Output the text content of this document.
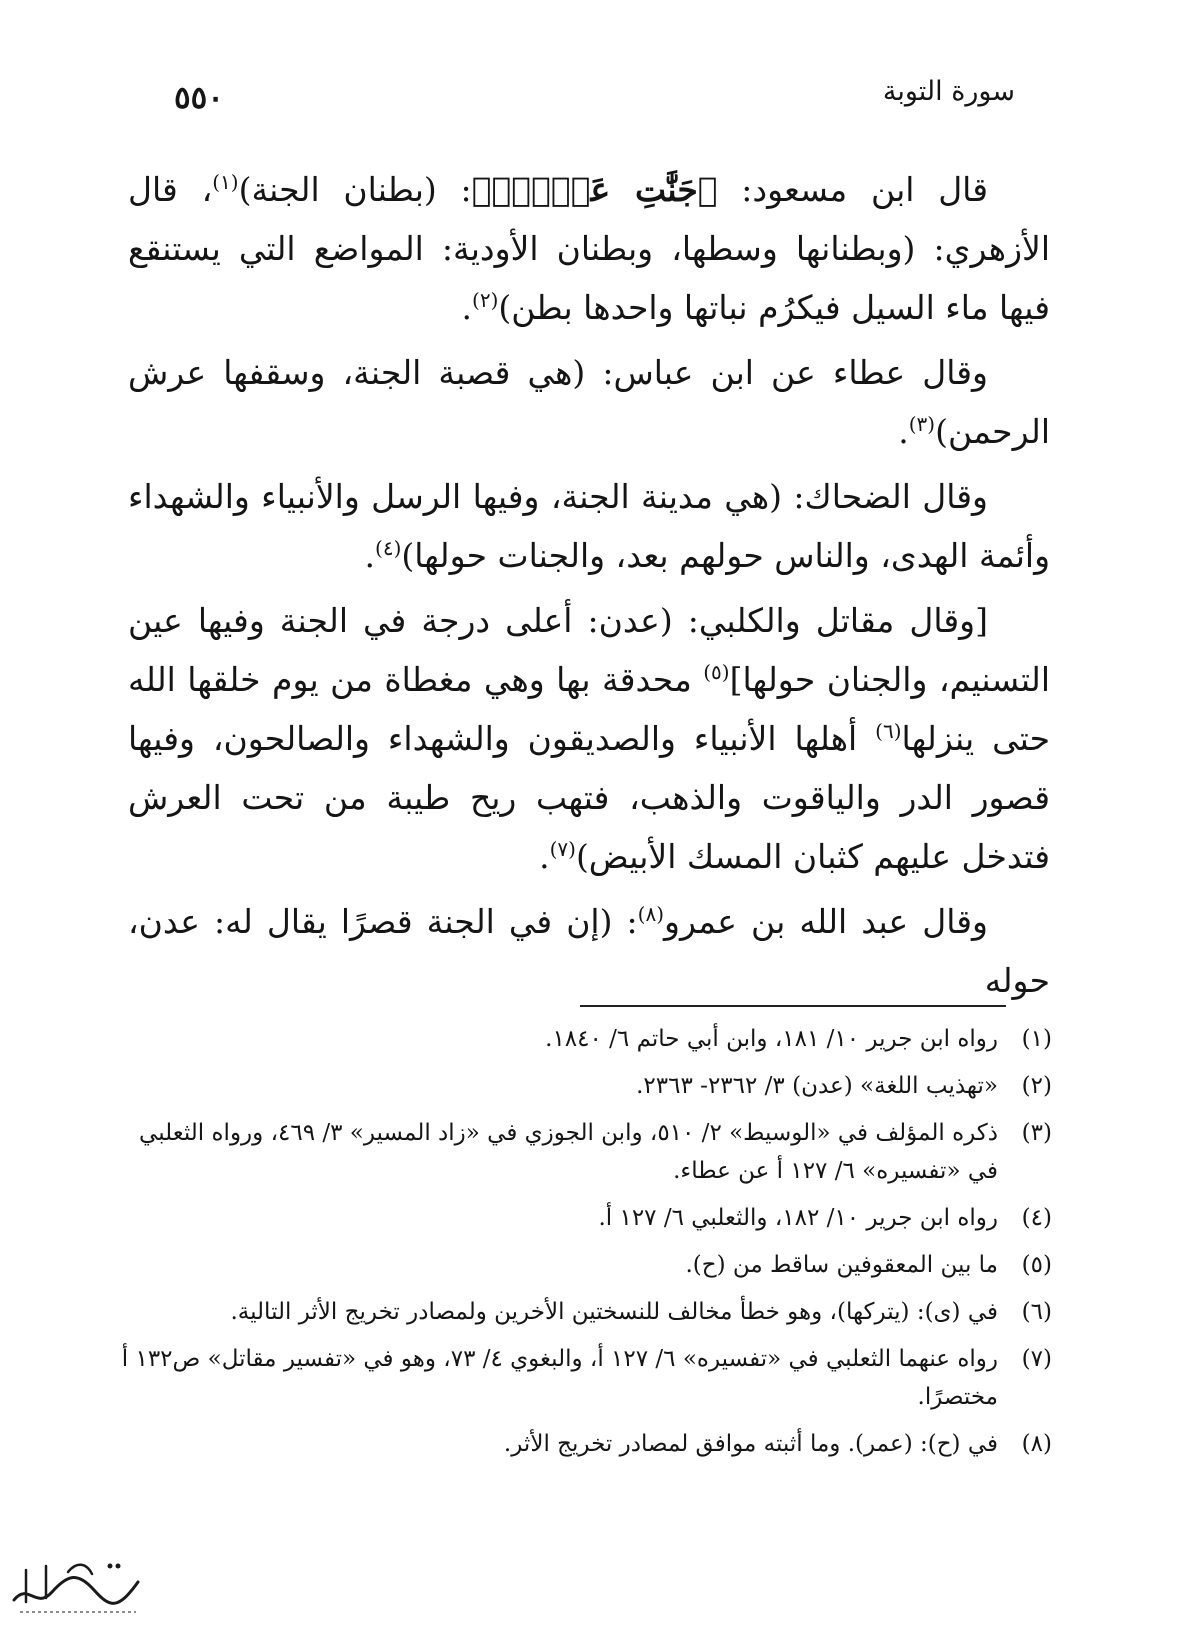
سورة التوبة
٥٥٠

قال ابن مسعود: ﴿جَنَّٰتِ عَدۡنٍۚ﴾: (بطنان الجنة)$^{(١)}$، قال الأزهري: (وبطنانها وسطها، وبطنان الأودية: المواضع التي يستنقع فيها ماء السيل فيكرُم نباتها واحدها بطن)$^{(٢)}$.

وقال عطاء عن ابن عباس: (هي قصبة الجنة، وسقفها عرش الرحمن)$^{(٣)}$.

وقال الضحاك: (هي مدينة الجنة، وفيها الرسل والأنبياء والشهداء وأئمة الهدى، والناس حولهم بعد، والجنات حولها)$^{(٤)}$.

[وقال مقاتل والكلبي: (عدن: أعلى درجة في الجنة وفيها عين التسنيم، والجنان حولها]$^{(٥)}$ محدقة بها وهي مغطاة من يوم خلقها الله حتى ينزلها$^{(٦)}$ أهلها الأنبياء والصديقون والشهداء والصالحون، وفيها قصور الدر والياقوت والذهب، فتهب ريح طيبة من تحت العرش فتدخل عليهم كثبان المسك الأبيض)$^{(٧)}$.

وقال عبد الله بن عمرو$^{(٨)}$: (إن في الجنة قصرًا يقال له: عدن، حوله

(١)
رواه ابن جرير ١٠/ ١٨١، وابن أبي حاتم ٦/ ١٨٤٠.
(٢)
«تهذيب اللغة» (عدن) ٣/ ٢٣٦٢- ٢٣٦٣.
(٣)
ذكره المؤلف في «الوسيط» ٢/ ٥١٠، وابن الجوزي في «زاد المسير» ٣/ ٤٦٩، ورواه الثعلبي في «تفسيره» ٦/ ١٢٧ أ عن عطاء.
(٤)
رواه ابن جرير ١٠/ ١٨٢، والثعلبي ٦/ ١٢٧ أ.
(٥)
ما بين المعقوفين ساقط من (ح).
(٦)
في (ى): (يتركها)، وهو خطأ مخالف للنسختين الأخرين ولمصادر تخريج الأثر التالية.
(٧)
رواه عنهما الثعلبي في «تفسيره» ٦/ ١٢٧ أ، والبغوي ٤/ ٧٣، وهو في «تفسير مقاتل» ص١٣٢ أ مختصرًا.
(٨)
في (ح): (عمر). وما أثبته موافق لمصادر تخريج الأثر.
